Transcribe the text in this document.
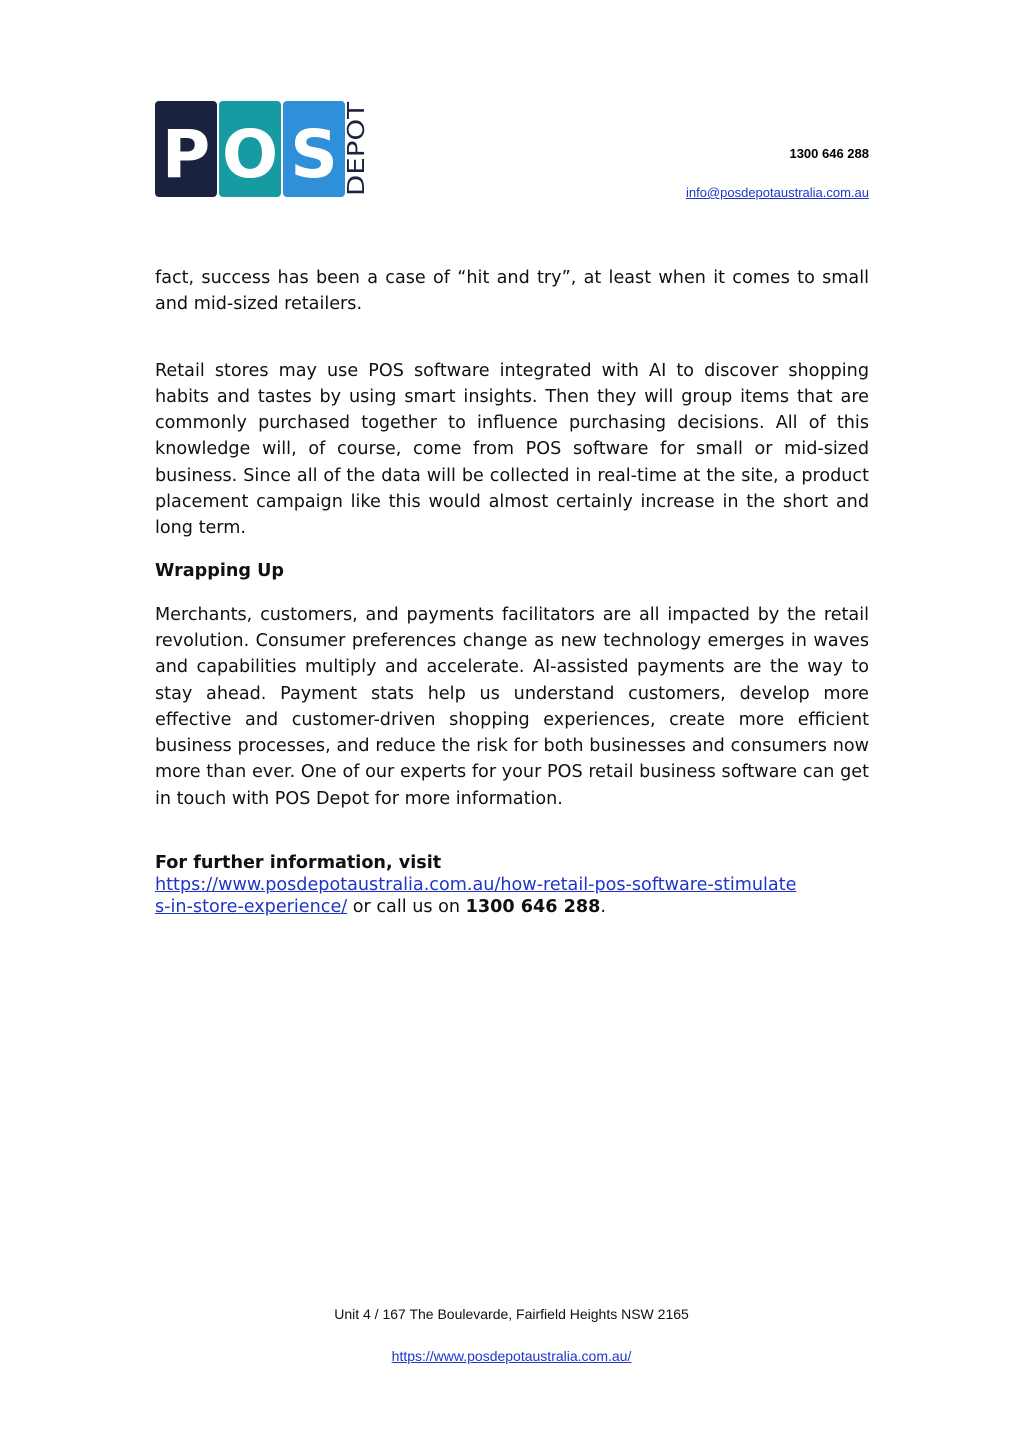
P O S DEPOT	1300 646 288
info@posdepotaustralia.com.au

fact, success has been a case of “hit and try”, at least when it comes to small and mid-sized retailers.

Retail stores may use POS software integrated with AI to discover shopping habits and tastes by using smart insights. Then they will group items that are commonly purchased together to influence purchasing decisions. All of this knowledge will, of course, come from POS software for small or mid-sized business. Since all of the data will be collected in real-time at the site, a product placement campaign like this would almost certainly increase in the short and long term.

Wrapping Up

Merchants, customers, and payments facilitators are all impacted by the retail revolution. Consumer preferences change as new technology emerges in waves and capabilities multiply and accelerate. AI-assisted payments are the way to stay ahead. Payment stats help us understand customers, develop more effective and customer-driven shopping experiences, create more efficient business processes, and reduce the risk for both businesses and consumers now more than ever. One of our experts for your POS retail business software can get in touch with POS Depot for more information.

For further information, visit
https://www.posdepotaustralia.com.au/how-retail-pos-software-stimulate
s-in-store-experience/ or call us on 1300 646 288.
Unit 4 / 167 The Boulevarde, Fairfield Heights NSW 2165
https://www.posdepotaustralia.com.au/
